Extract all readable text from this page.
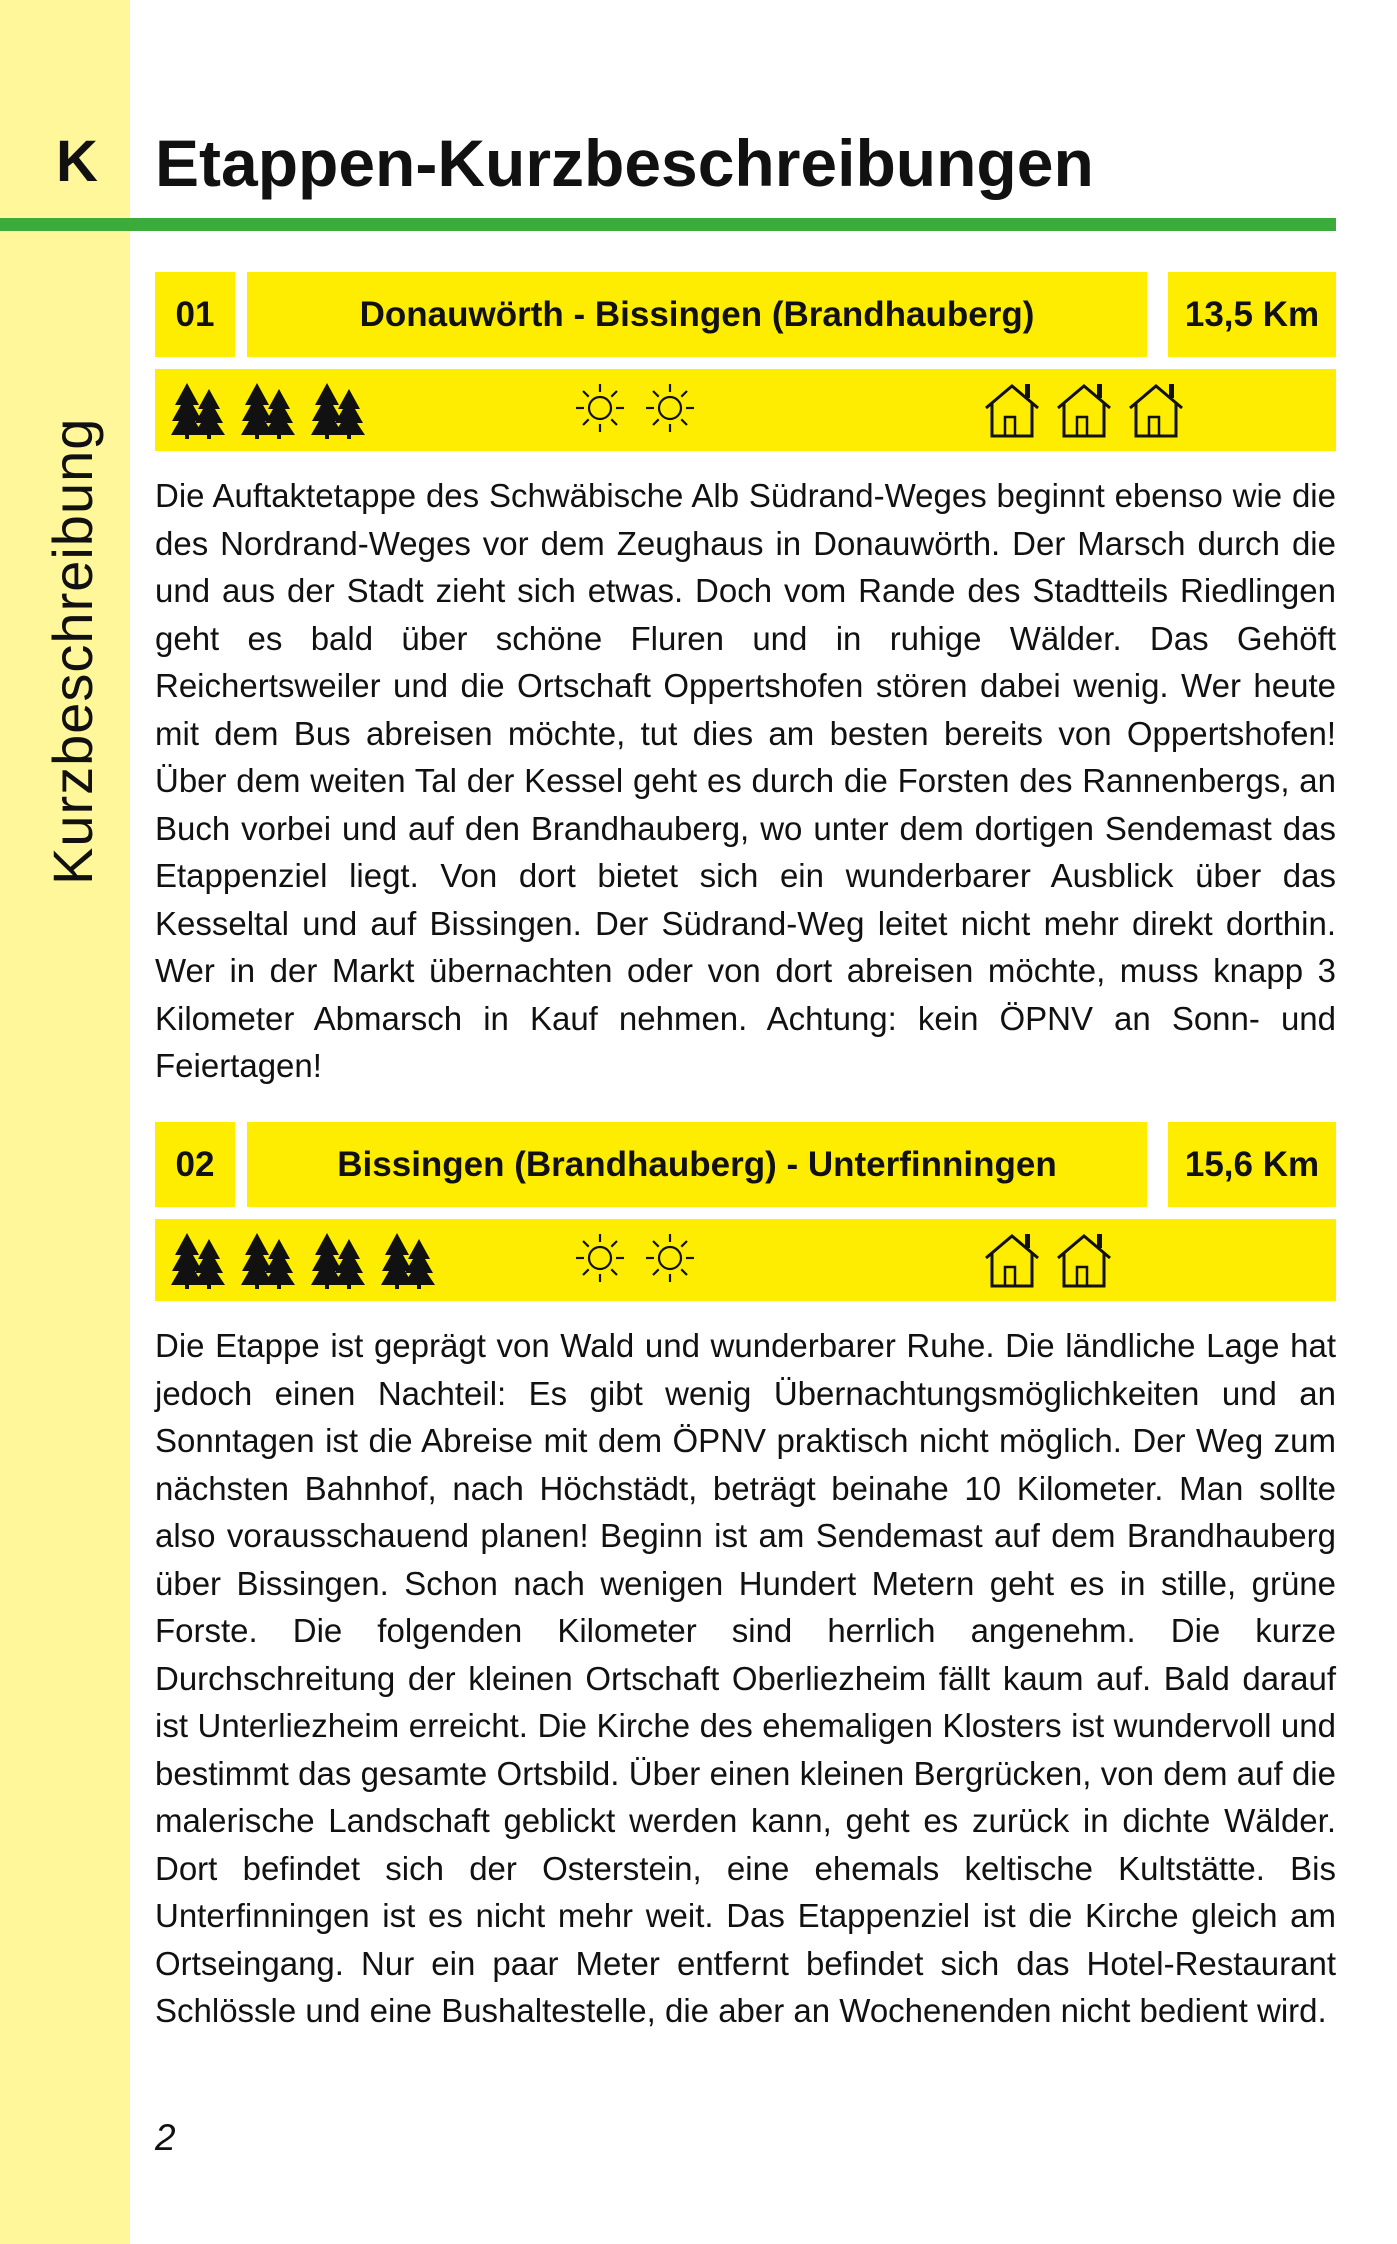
K
Kurzbeschreibung
Etappen-Kurzbeschreibungen
01	Donauwörth - Bissingen (Brandhauberg)	13,5 Km
Die Auftaktetappe des Schwäbische Alb Südrand-Weges beginnt ebenso wie die des Nordrand-Weges vor dem Zeughaus in Donauwörth. Der Marsch durch die und aus der Stadt zieht sich etwas. Doch vom Rande des Stadtteils Riedlingen geht es bald über schöne Fluren und in ruhige Wälder. Das Gehöft Reichertsweiler und die Ortschaft Oppertshofen stören dabei wenig. Wer heute mit dem Bus abreisen möchte, tut dies am besten bereits von Oppertshofen! Über dem weiten Tal der Kessel geht es durch die Forsten des Rannenbergs, an Buch vorbei und auf den Brandhauberg, wo unter dem dortigen Sendemast das Etappenziel liegt. Von dort bietet sich ein wunderbarer Ausblick über das Kesseltal und auf Bissingen. Der Südrand-Weg leitet nicht mehr direkt dorthin. Wer in der Markt übernachten oder von dort abreisen möchte, muss knapp 3 Kilometer Abmarsch in Kauf nehmen. Achtung: kein ÖPNV an Sonn- und Feiertagen!
02	Bissingen (Brandhauberg) - Unterfinningen	15,6 Km
Die Etappe ist geprägt von Wald und wunderbarer Ruhe. Die ländliche Lage hat jedoch einen Nachteil: Es gibt wenig Übernachtungsmöglichkeiten und an Sonntagen ist die Abreise mit dem ÖPNV praktisch nicht möglich. Der Weg zum nächsten Bahnhof, nach Höchstädt, beträgt beinahe 10 Kilometer. Man sollte also vorausschauend planen! Beginn ist am Sendemast auf dem Brandhauberg über Bissingen. Schon nach wenigen Hundert Metern geht es in stille, grüne Forste. Die folgenden Kilometer sind herrlich angenehm. Die kurze Durchschreitung der kleinen Ortschaft Oberliezheim fällt kaum auf. Bald darauf ist Unterliezheim erreicht. Die Kirche des ehemaligen Klosters ist wundervoll und bestimmt das gesamte Ortsbild. Über einen kleinen Bergrücken, von dem auf die malerische Landschaft geblickt werden kann, geht es zurück in dichte Wälder. Dort befindet sich der Osterstein, eine ehemals keltische Kultstätte. Bis Unterfinningen ist es nicht mehr weit. Das Etappenziel ist die Kirche gleich am Ortseingang. Nur ein paar Meter entfernt befindet sich das Hotel-Restaurant Schlössle und eine Bushaltestelle, die aber an Wochenenden nicht bedient wird.
2
